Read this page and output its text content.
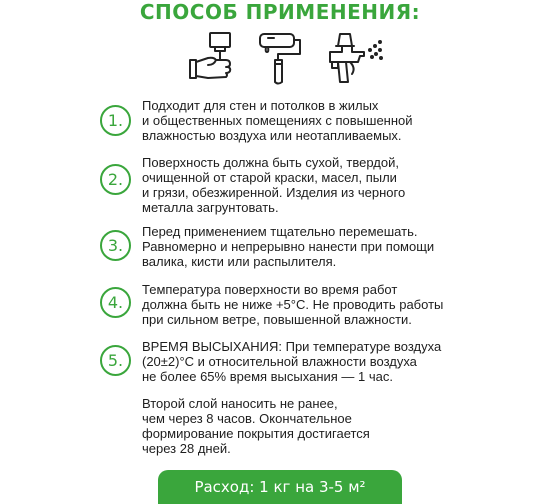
СПОСОБ ПРИМЕНЕНИЯ:
1.
Подходит для стен и потолков в жилых
и общественных помещениях с повышенной
влажностью воздуха или неотапливаемых.
2.
Поверхность должна быть сухой, твердой,
очищенной от старой краски, масел, пыли
и грязи, обезжиренной. Изделия из черного
металла загрунтовать.
3.
Перед применением тщательно перемешать.
Равномерно и непрерывно нанести при помощи
валика, кисти или распылителя.
4.
Температура поверхности во время работ
должна быть не ниже +5°С. Не проводить работы
при сильном ветре, повышенной влажности.
5.
ВРЕМЯ ВЫСЫХАНИЯ: При температуре воздуха
(20±2)°С и относительной влажности воздуха
не более 65% время высыхания — 1 час.
Второй слой наносить не ранее,
чем через 8 часов. Окончательное
формирование покрытия достигается
через 28 дней.
Расход: 1 кг на 3-5 м²
